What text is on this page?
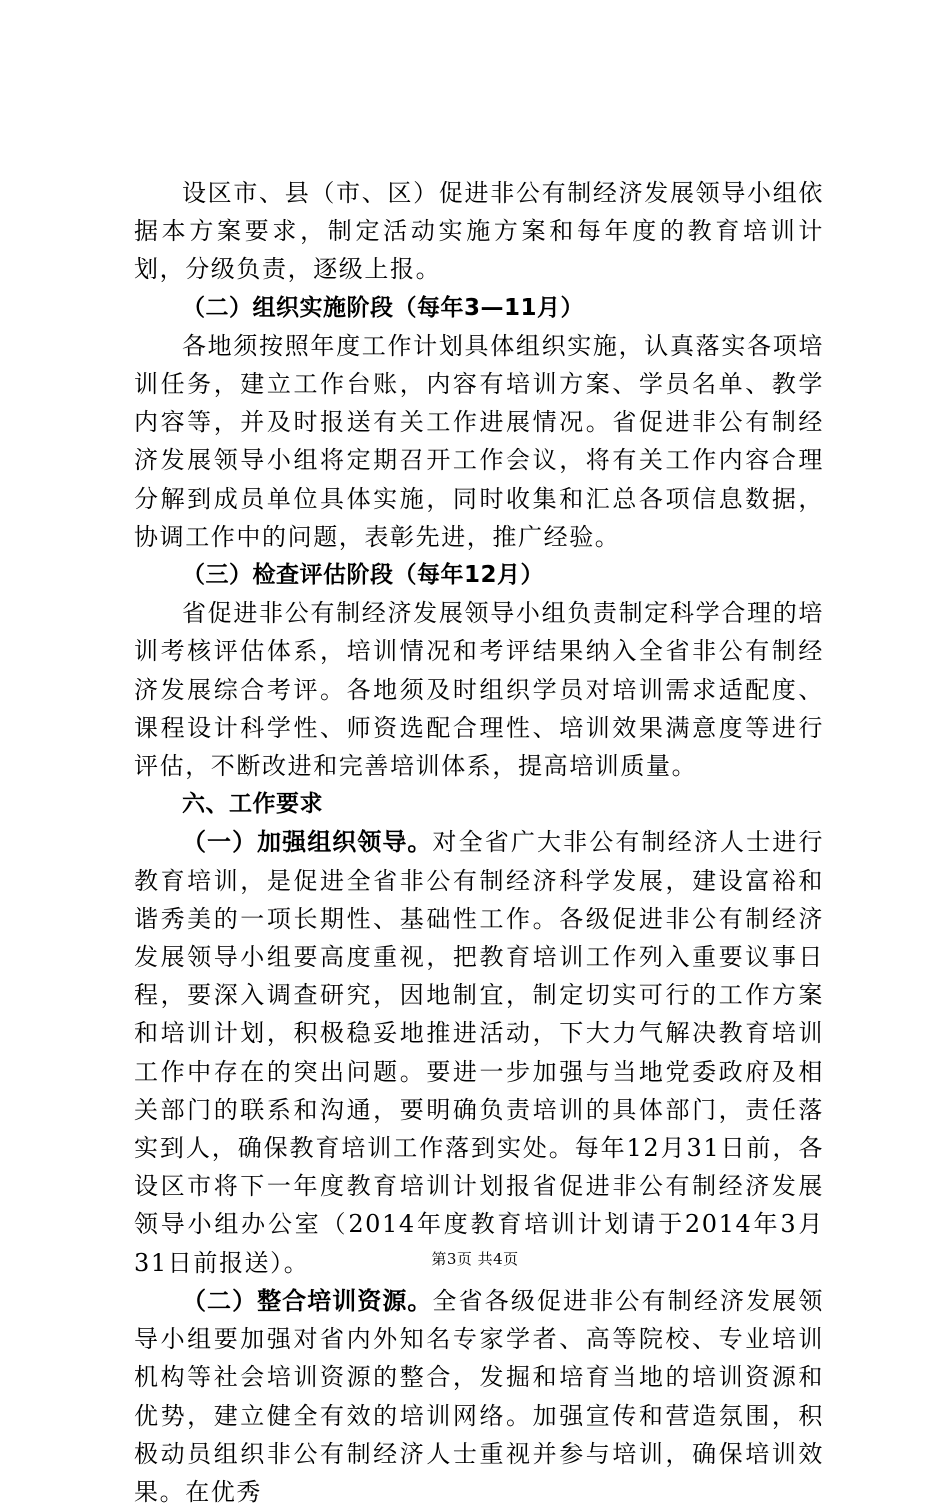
设区市、县（市、区）促进非公有制经济发展领导小组依据本方案要求，制定活动实施方案和每年度的教育培训计划，分级负责，逐级上报。

（二）组织实施阶段（每年3—11月）

各地须按照年度工作计划具体组织实施，认真落实各项培训任务，建立工作台账，内容有培训方案、学员名单、教学内容等，并及时报送有关工作进展情况。省促进非公有制经济发展领导小组将定期召开工作会议，将有关工作内容合理分解到成员单位具体实施，同时收集和汇总各项信息数据，协调工作中的问题，表彰先进，推广经验。

（三）检查评估阶段（每年12月）

省促进非公有制经济发展领导小组负责制定科学合理的培训考核评估体系，培训情况和考评结果纳入全省非公有制经济发展综合考评。各地须及时组织学员对培训需求适配度、课程设计科学性、师资选配合理性、培训效果满意度等进行评估，不断改进和完善培训体系，提高培训质量。

六、工作要求

（一）加强组织领导。对全省广大非公有制经济人士进行教育培训，是促进全省非公有制经济科学发展，建设富裕和谐秀美的一项长期性、基础性工作。各级促进非公有制经济发展领导小组要高度重视，把教育培训工作列入重要议事日程，要深入调查研究，因地制宜，制定切实可行的工作方案和培训计划，积极稳妥地推进活动，下大力气解决教育培训工作中存在的突出问题。要进一步加强与当地党委政府及相关部门的联系和沟通，要明确负责培训的具体部门，责任落实到人，确保教育培训工作落到实处。每年12月31日前，各设区市将下一年度教育培训计划报省促进非公有制经济发展领导小组办公室（2014年度教育培训计划请于2014年3月31日前报送）。

（二）整合培训资源。全省各级促进非公有制经济发展领导小组要加强对省内外知名专家学者、高等院校、专业培训机构等社会培训资源的整合，发掘和培育当地的培训资源和优势，建立健全有效的培训网络。加强宣传和营造氛围，积极动员组织非公有制经济人士重视并参与培训，确保培训效果。在优秀

第3页 共4页
